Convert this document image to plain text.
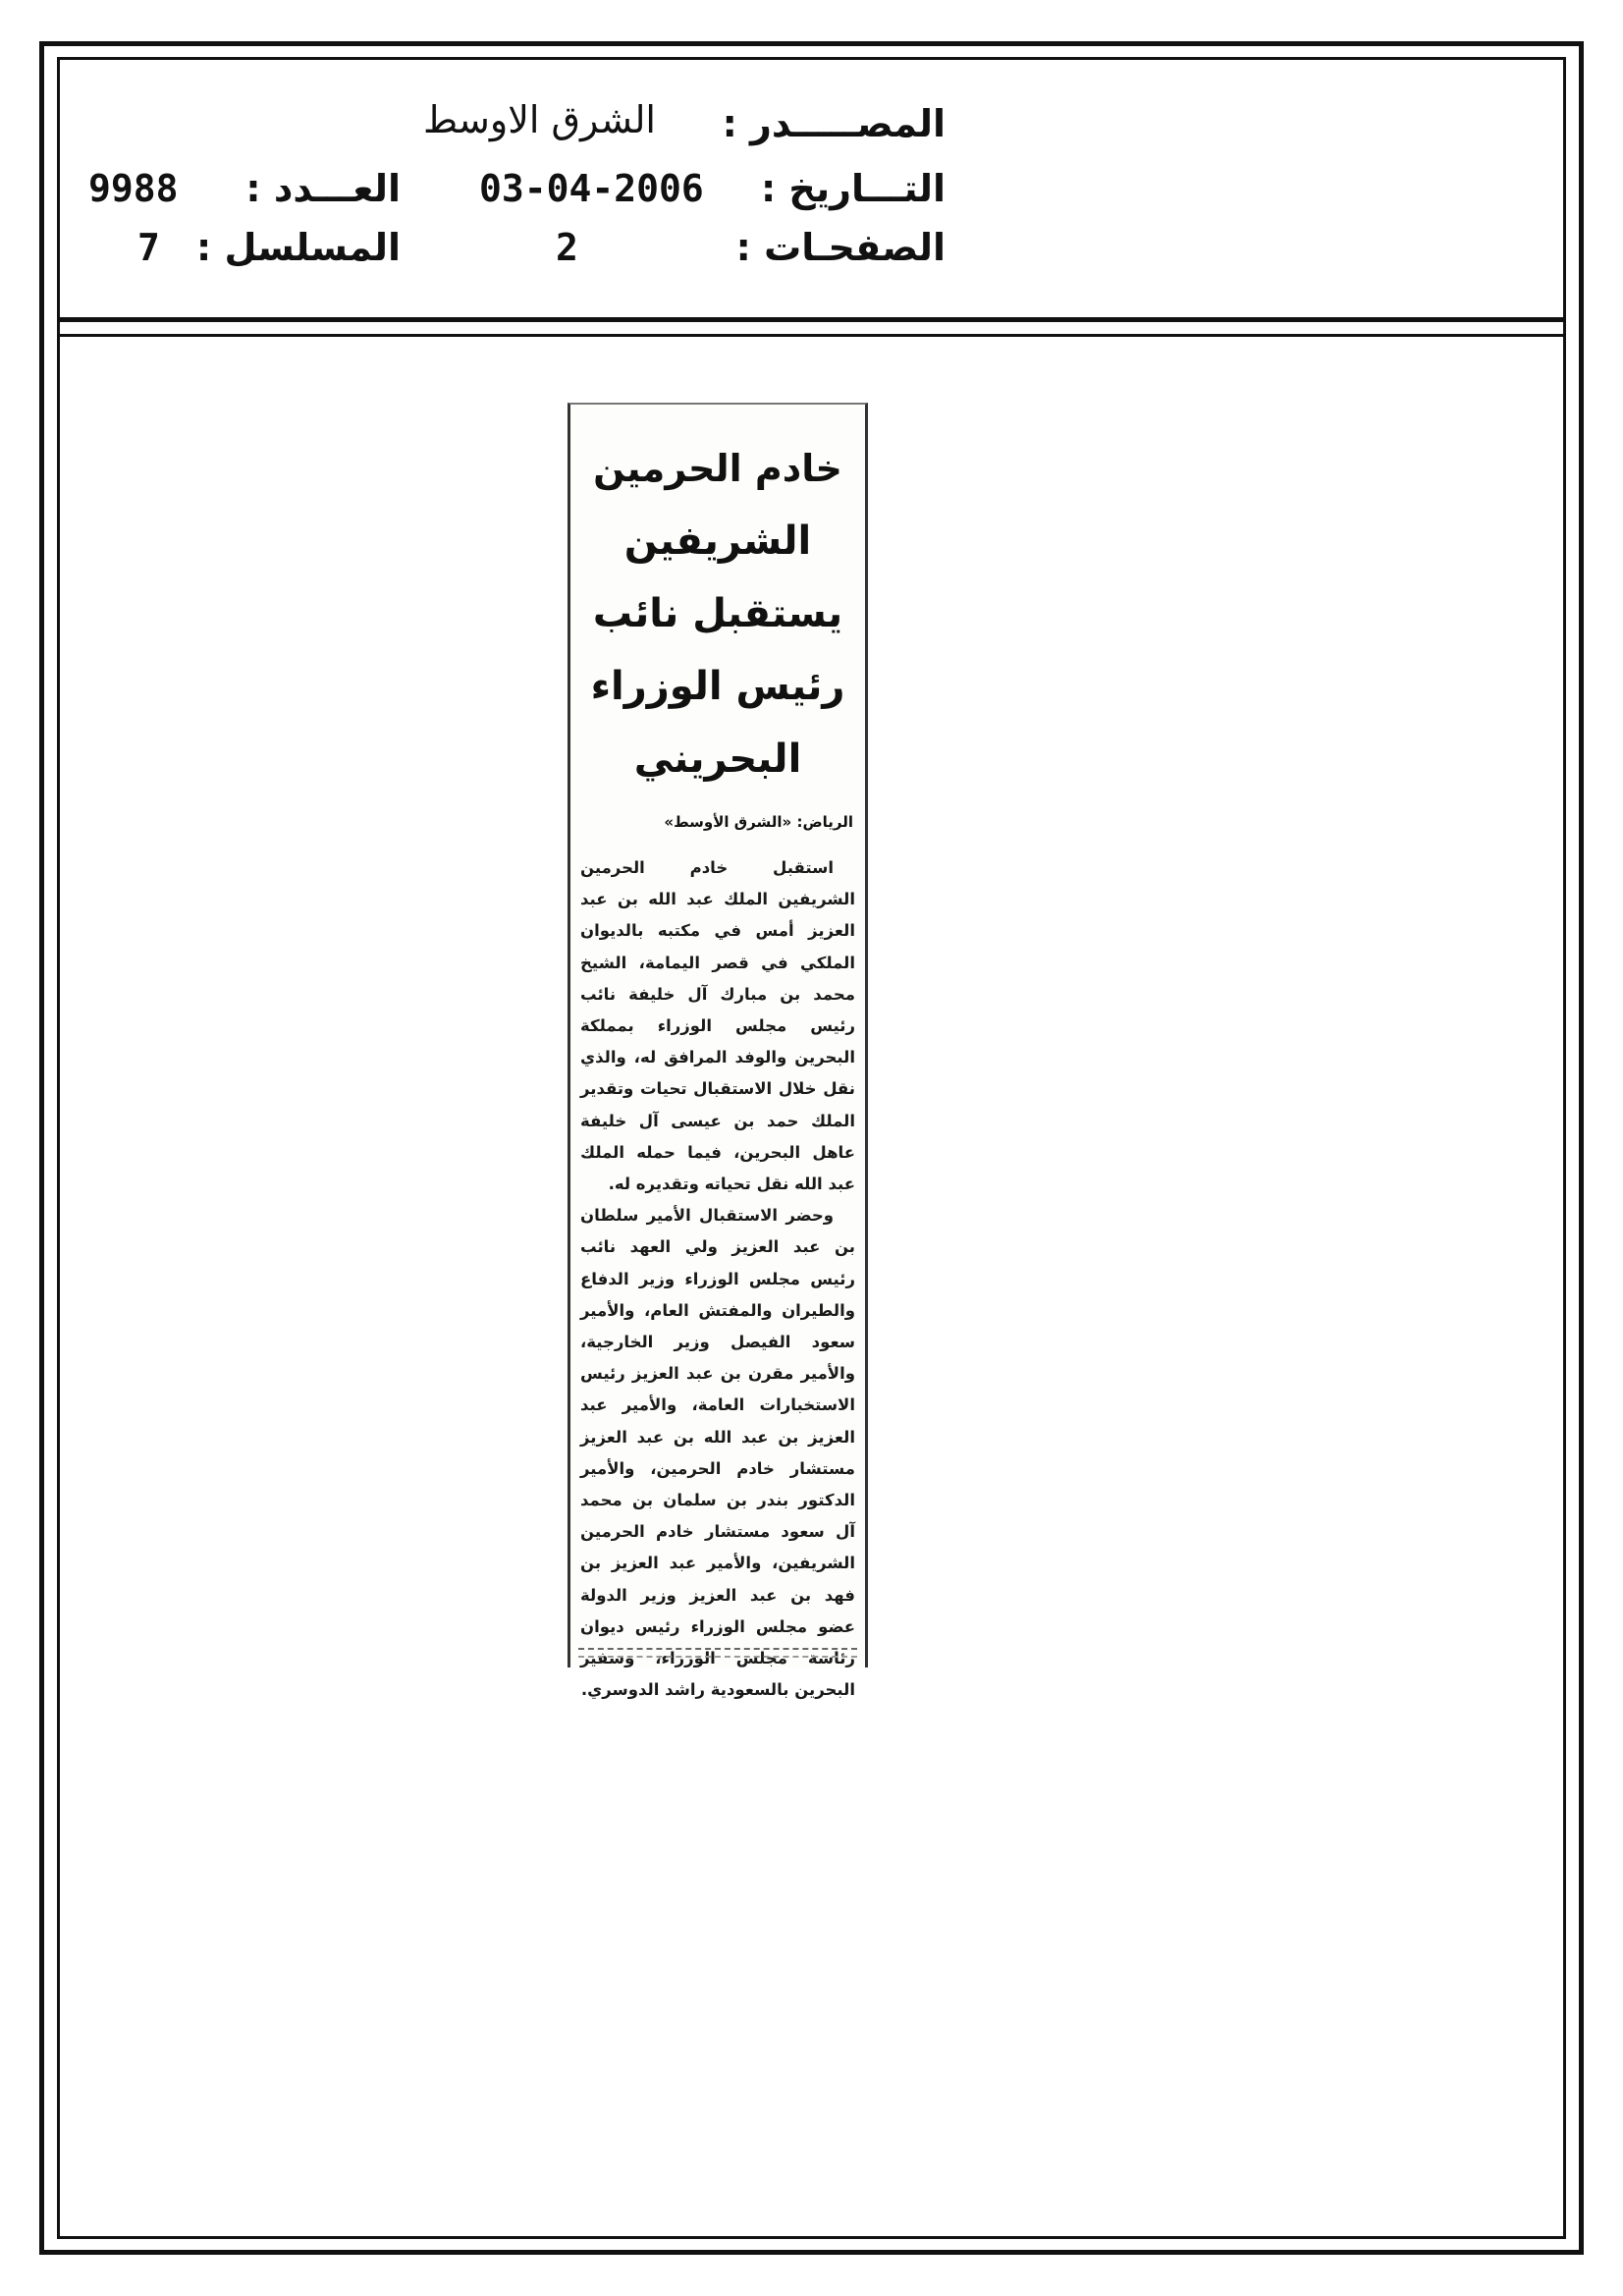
المصـــــدر :
الشرق الاوسط
التـــاريخ :
03-04-2006
العـــدد :
9988
الصفحـات :
2
المسلسل :
7
خادم الحرمين
الشريفين يستقبل نائب
رئيس الوزراء البحريني
الرياض: «الشرق الأوسط»

استقبل خادم الحرمين الشريفين الملك عبد الله بن عبد العزيز أمس في مكتبه بالديوان الملكي في قصر اليمامة، الشيخ محمد بن مبارك آل خليفة نائب رئيس مجلس الوزراء بمملكة البحرين والوفد المرافق له، والذي نقل خلال الاستقبال تحيات وتقدير الملك حمد بن عيسى آل خليفة عاهل البحرين، فيما حمله الملك عبد الله نقل تحياته وتقديره له.

وحضر الاستقبال الأمير سلطان بن عبد العزيز ولي العهد نائب رئيس مجلس الوزراء وزير الدفاع والطيران والمفتش العام، والأمير سعود الفيصل وزير الخارجية، والأمير مقرن بن عبد العزيز رئيس الاستخبارات العامة، والأمير عبد العزيز بن عبد الله بن عبد العزيز مستشار خادم الحرمين، والأمير الدكتور بندر بن سلمان بن محمد آل سعود مستشار خادم الحرمين الشريفين، والأمير عبد العزيز بن فهد بن عبد العزيز وزير الدولة عضو مجلس الوزراء رئيس ديوان رئاسة مجلس الوزراء، وسفير البحرين بالسعودية راشد الدوسري.
